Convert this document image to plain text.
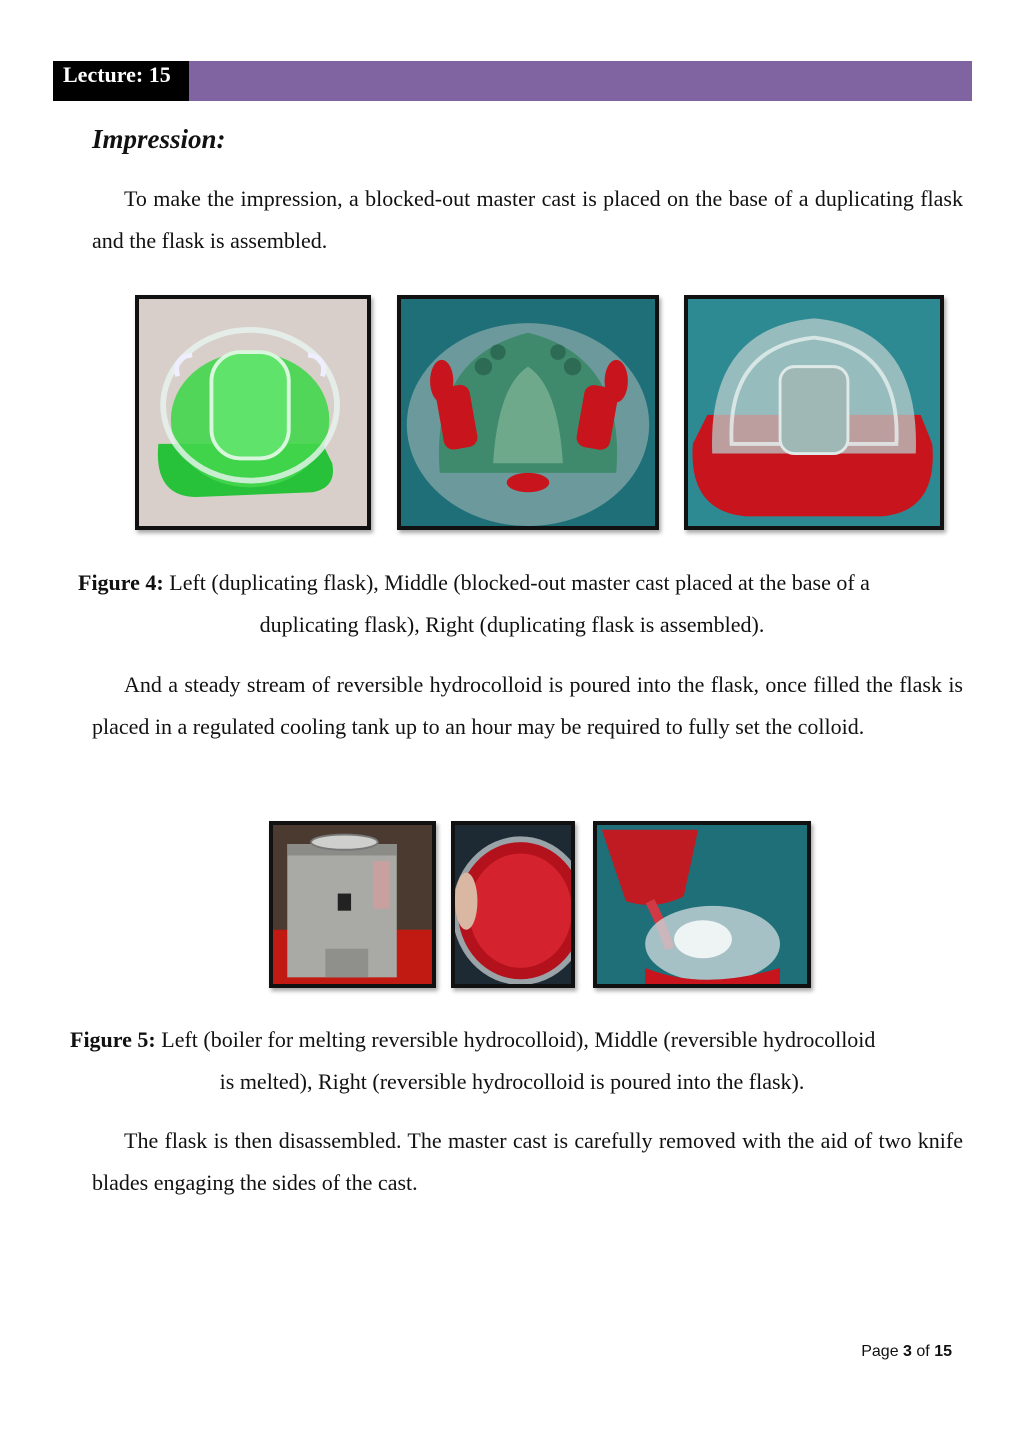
علي عهمه احمد حسين
Lecture: 15
Impression:

To make the impression, a blocked-out master cast is placed on the base of a duplicating flask and the flask is assembled.

Figure 4: Left (duplicating flask), Middle (blocked-out master cast placed at the base of a

duplicating flask), Right (duplicating flask is assembled).

And a steady stream of reversible hydrocolloid is poured into the flask, once filled the flask is placed in a regulated cooling tank up to an hour may be required to fully set the colloid.

Figure 5: Left (boiler for melting reversible hydrocolloid), Middle (reversible hydrocolloid

is melted), Right (reversible hydrocolloid is poured into the flask).

The flask is then disassembled. The master cast is carefully removed with the aid of two knife blades engaging the sides of the cast.

Page 3 of 15
